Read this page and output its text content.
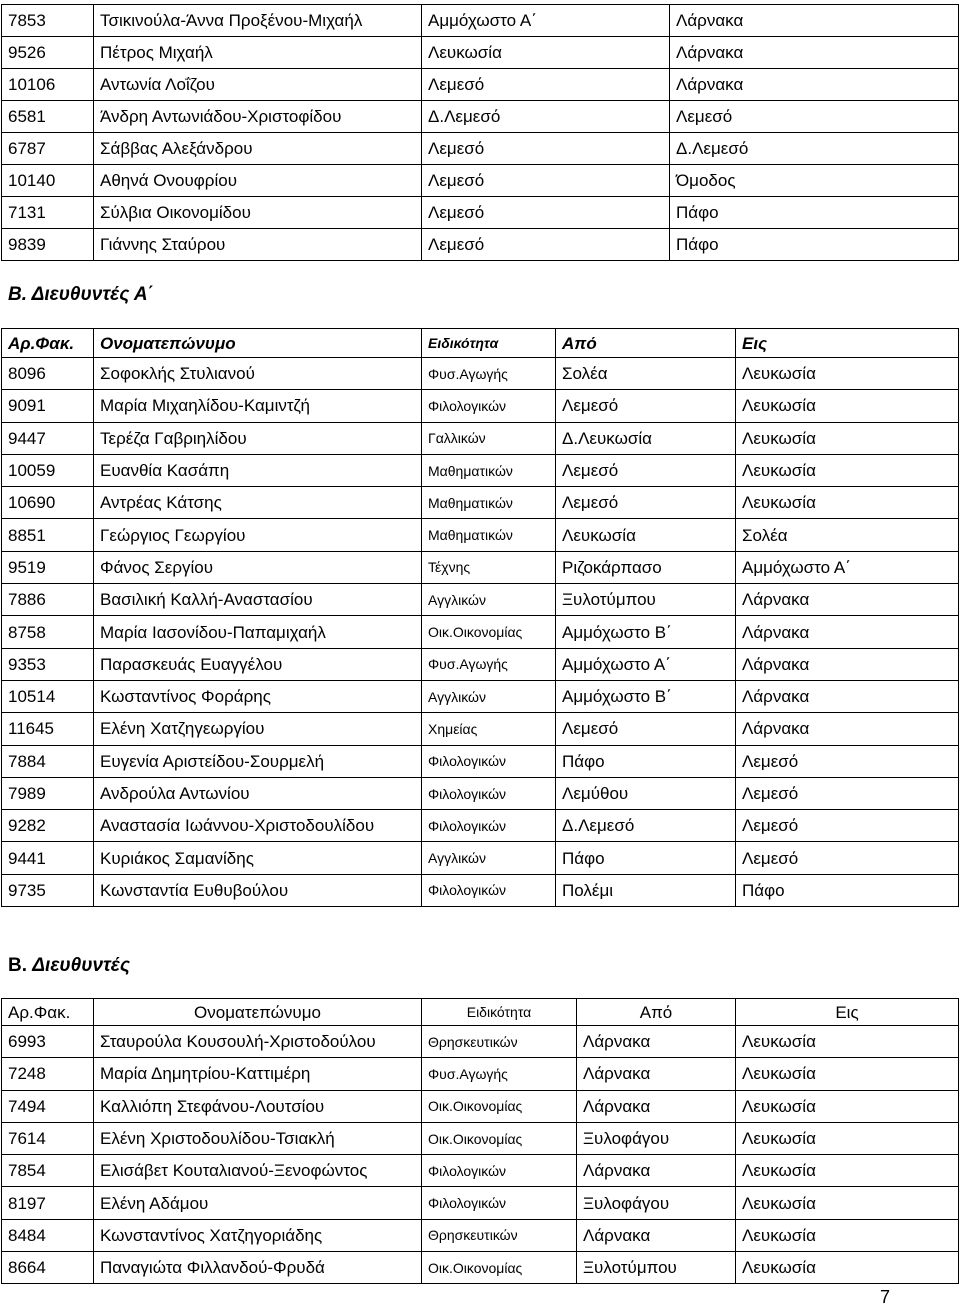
7853	Τσικινούλα-Άννα Προξένου-Μιχαήλ	Αμμόχωστο Α΄	Λάρνακα
9526	Πέτρος Μιχαήλ	Λευκωσία	Λάρνακα
10106	Αντωνία Λοΐζου	Λεμεσό	Λάρνακα
6581	Άνδρη Αντωνιάδου-Χριστοφίδου	Δ.Λεμεσό	Λεμεσό
6787	Σάββας Αλεξάνδρου	Λεμεσό	Δ.Λεμεσό
10140	Αθηνά Ονουφρίου	Λεμεσό	Όμοδος
7131	Σύλβια Οικονομίδου	Λεμεσό	Πάφο
9839	Γιάννης Σταύρου	Λεμεσό	Πάφο
Β. Διευθυντές Α΄
Αρ.Φακ.	Ονοματεπώνυμο	Ειδικότητα	Από	Εις
8096	Σοφοκλής Στυλιανού	Φυσ.Αγωγής	Σολέα	Λευκωσία
9091	Μαρία Μιχαηλίδου-Καμιντζή	Φιλολογικών	Λεμεσό	Λευκωσία
9447	Τερέζα Γαβριηλίδου	Γαλλικών	Δ.Λευκωσία	Λευκωσία
10059	Ευανθία Κασάπη	Μαθηματικών	Λεμεσό	Λευκωσία
10690	Αντρέας Κάτσης	Μαθηματικών	Λεμεσό	Λευκωσία
8851	Γεώργιος Γεωργίου	Μαθηματικών	Λευκωσία	Σολέα
9519	Φάνος Σεργίου	Τέχνης	Ριζοκάρπασο	Αμμόχωστο Α΄
7886	Βασιλική Καλλή-Αναστασίου	Αγγλικών	Ξυλοτύμπου	Λάρνακα
8758	Μαρία Ιασονίδου-Παπαμιχαήλ	Οικ.Οικονομίας	Αμμόχωστο Β΄	Λάρνακα
9353	Παρασκευάς Ευαγγέλου	Φυσ.Αγωγής	Αμμόχωστο Α΄	Λάρνακα
10514	Κωσταντίνος Φοράρης	Αγγλικών	Αμμόχωστο Β΄	Λάρνακα
11645	Ελένη Χατζηγεωργίου	Χημείας	Λεμεσό	Λάρνακα
7884	Ευγενία Αριστείδου-Σουρμελή	Φιλολογικών	Πάφο	Λεμεσό
7989	Ανδρούλα Αντωνίου	Φιλολογικών	Λεμύθου	Λεμεσό
9282	Αναστασία Ιωάννου-Χριστοδουλίδου	Φιλολογικών	Δ.Λεμεσό	Λεμεσό
9441	Κυριάκος Σαμανίδης	Αγγλικών	Πάφο	Λεμεσό
9735	Κωνσταντία Ευθυβούλου	Φιλολογικών	Πολέμι	Πάφο
Β. Διευθυντές
Αρ.Φακ.	Ονοματεπώνυμο	Ειδικότητα	Από	Εις
6993	Σταυρούλα Κουσουλή-Χριστοδούλου	Θρησκευτικών	Λάρνακα	Λευκωσία
7248	Μαρία Δημητρίου-Καττιμέρη	Φυσ.Αγωγής	Λάρνακα	Λευκωσία
7494	Καλλιόπη Στεφάνου-Λουτσίου	Οικ.Οικονομίας	Λάρνακα	Λευκωσία
7614	Ελένη Χριστοδουλίδου-Τσιακλή	Οικ.Οικονομίας	Ξυλοφάγου	Λευκωσία
7854	Ελισάβετ Κουταλιανού-Ξενοφώντος	Φιλολογικών	Λάρνακα	Λευκωσία
8197	Ελένη Αδάμου	Φιλολογικών	Ξυλοφάγου	Λευκωσία
8484	Κωνσταντίνος Χατζηγοριάδης	Θρησκευτικών	Λάρνακα	Λευκωσία
8664	Παναγιώτα Φιλλανδού-Φρυδά	Οικ.Οικονομίας	Ξυλοτύμπου	Λευκωσία
7
